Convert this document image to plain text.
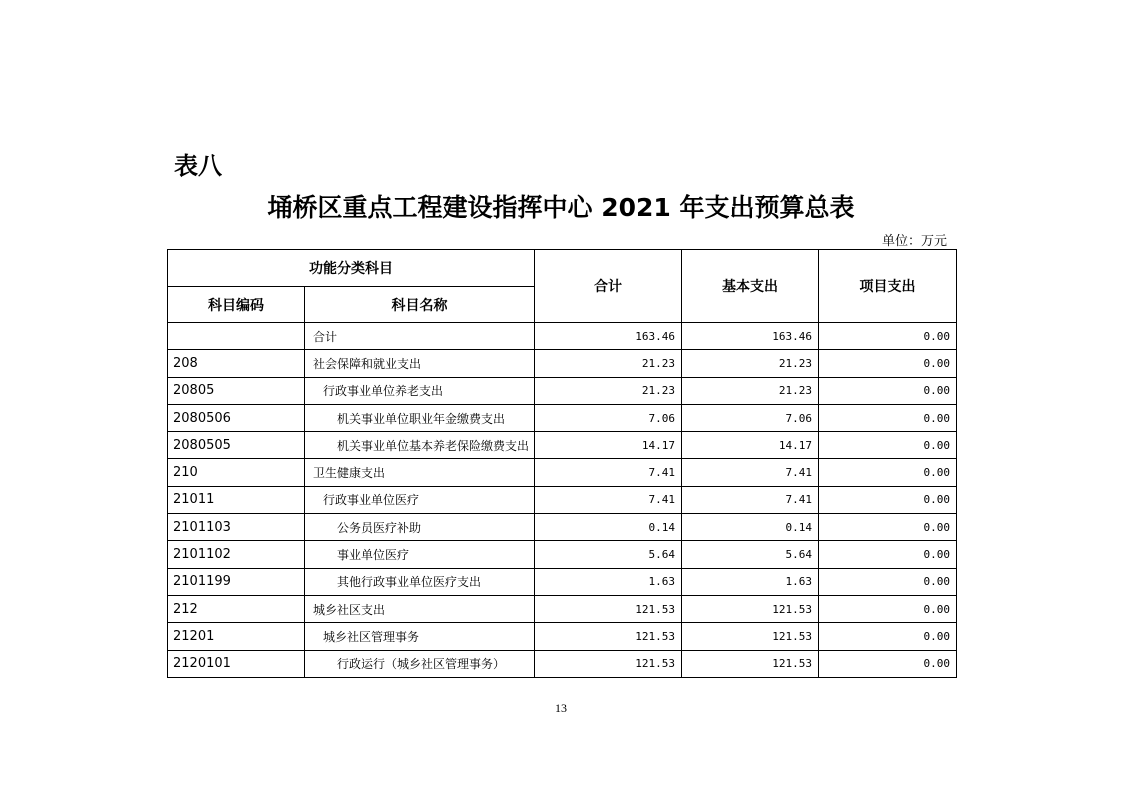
表八
埇桥区重点工程建设指挥中心 2021 年支出预算总表
单位：万元
功能分类科目		合计	基本支出	项目支出
科目编码	科目名称			
	合计	163.46	163.46	0.00
208	社会保障和就业支出	21.23	21.23	0.00
20805	行政事业单位养老支出	21.23	21.23	0.00
2080506	机关事业单位职业年金缴费支出	7.06	7.06	0.00
2080505	机关事业单位基本养老保险缴费支出	14.17	14.17	0.00
210	卫生健康支出	7.41	7.41	0.00
21011	行政事业单位医疗	7.41	7.41	0.00
2101103	公务员医疗补助	0.14	0.14	0.00
2101102	事业单位医疗	5.64	5.64	0.00
2101199	其他行政事业单位医疗支出	1.63	1.63	0.00
212	城乡社区支出	121.53	121.53	0.00
21201	城乡社区管理事务	121.53	121.53	0.00
2120101	行政运行（城乡社区管理事务）	121.53	121.53	0.00
13
